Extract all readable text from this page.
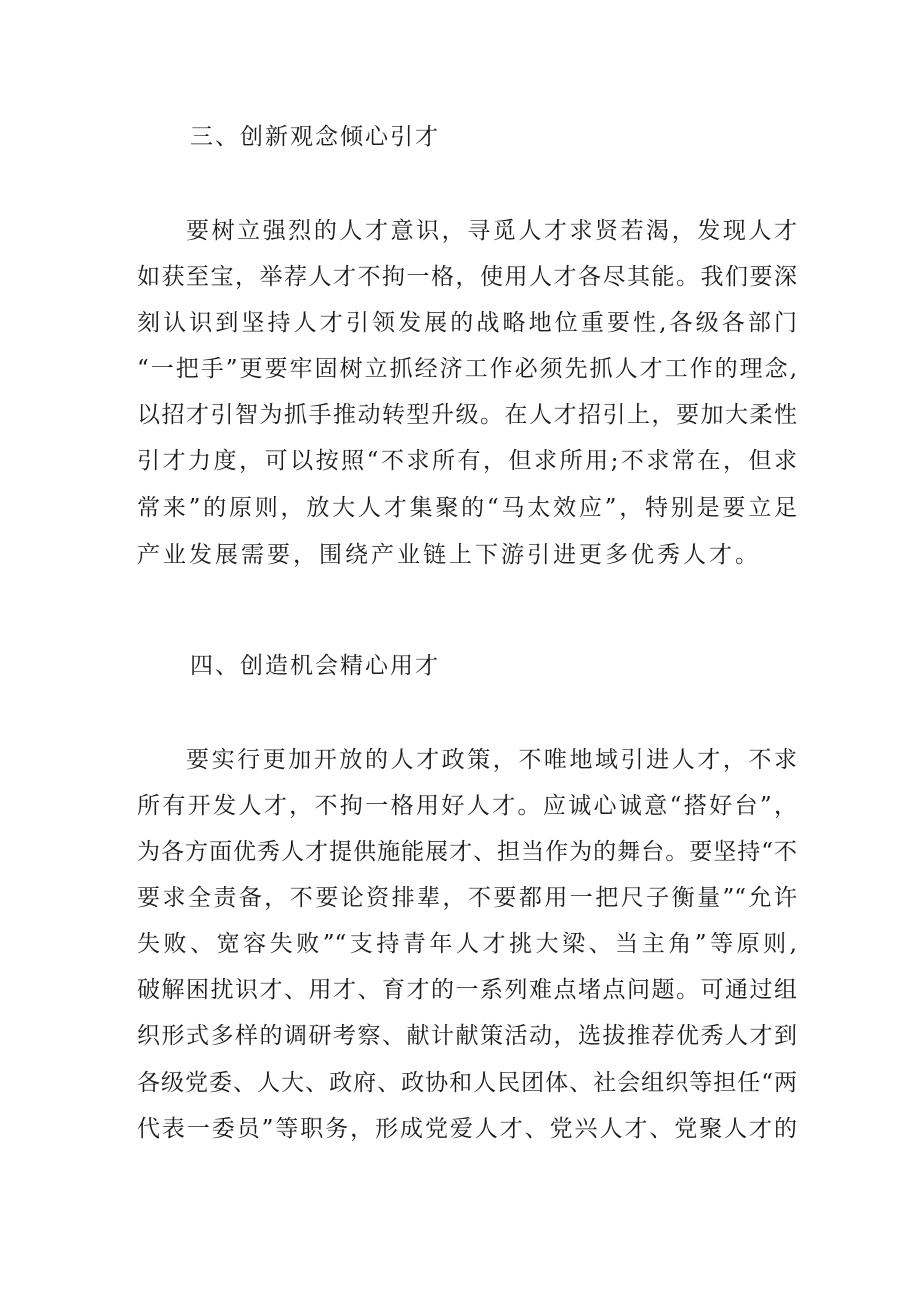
三、创新观念倾心引才
要树立强烈的人才意识，寻觅人才求贤若渴，发现人才
如获至宝，举荐人才不拘一格，使用人才各尽其能。我们要深
刻认识到坚持人才引领发展的战略地位重要性,各级各部门
“一把手”更要牢固树立抓经济工作必须先抓人才工作的理念,
以招才引智为抓手推动转型升级。在人才招引上，要加大柔性
引才力度，可以按照“不求所有，但求所用;不求常在，但求
常来”的原则，放大人才集聚的“马太效应”，特别是要立足
产业发展需要，围绕产业链上下游引进更多优秀人才。
四、创造机会精心用才
要实行更加开放的人才政策，不唯地域引进人才，不求
所有开发人才，不拘一格用好人才。应诚心诚意“搭好台”，
为各方面优秀人才提供施能展才、担当作为的舞台。要坚持“不
要求全责备，不要论资排辈，不要都用一把尺子衡量”“允许
失败、宽容失败”“支持青年人才挑大梁、当主角”等原则,
破解困扰识才、用才、育才的一系列难点堵点问题。可通过组
织形式多样的调研考察、献计献策活动，选拔推荐优秀人才到
各级党委、人大、政府、政协和人民团体、社会组织等担任“两
代表一委员”等职务，形成党爱人才、党兴人才、党聚人才的
